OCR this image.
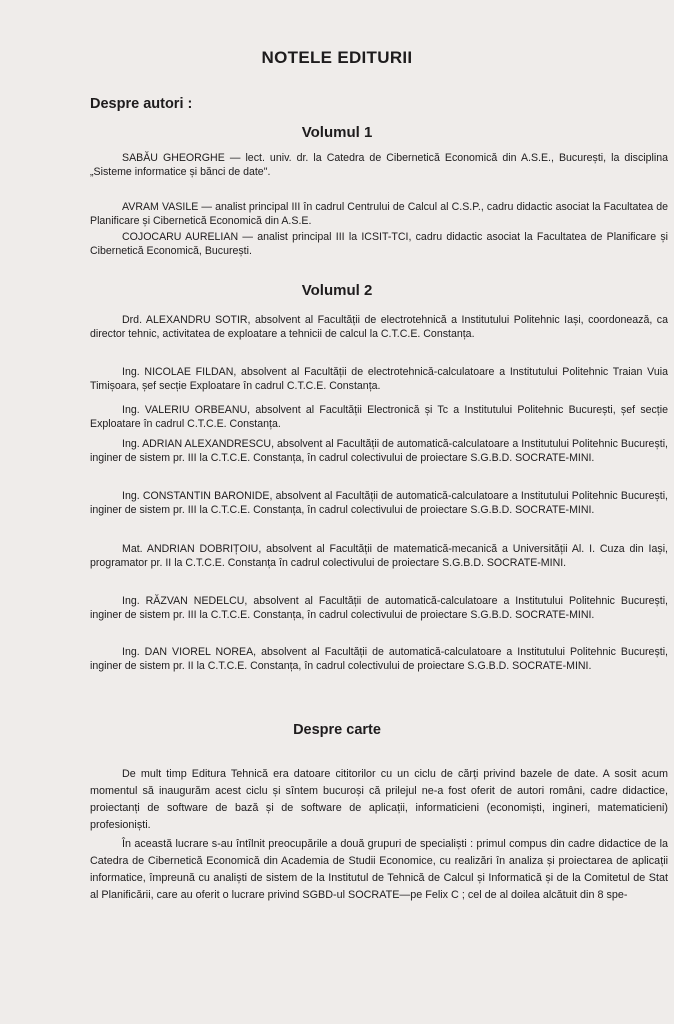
NOTELE EDITURII
Despre autori :
Volumul 1

SABĂU GHEORGHE — lect. univ. dr. la Catedra de Cibernetică Economică din A.S.E., București, la disciplina „Sisteme informatice și bănci de date".

AVRAM VASILE — analist principal III în cadrul Centrului de Calcul al C.S.P., cadru didactic asociat la Facultatea de Planificare și Cibernetică Economică din A.S.E.

COJOCARU AURELIAN — analist principal III la ICSIT-TCI, cadru didactic asociat la Facultatea de Planificare și Cibernetică Economică, București.

Volumul 2

Drd. ALEXANDRU SOTIR, absolvent al Facultății de electrotehnică a Institutului Politehnic Iași, coordonează, ca director tehnic, activitatea de exploatare a tehnicii de calcul la C.T.C.E. Constanța.

Ing. NICOLAE FILDAN, absolvent al Facultății de electrotehnică-calculatoare a Institutului Politehnic Traian Vuia Timișoara, șef secție Exploatare în cadrul C.T.C.E. Constanța.

Ing. VALERIU ORBEANU, absolvent al Facultății Electronică și Tc a Institutului Politehnic București, șef secție Exploatare în cadrul C.T.C.E. Constanța.

Ing. ADRIAN ALEXANDRESCU, absolvent al Facultății de automatică-calculatoare a Institutului Politehnic București, inginer de sistem pr. III la C.T.C.E. Constanța, în cadrul colectivului de proiectare S.G.B.D. SOCRATE-MINI.

Ing. CONSTANTIN BARONIDE, absolvent al Facultății de automatică-calculatoare a Institutului Politehnic București, inginer de sistem pr. III la C.T.C.E. Constanța, în cadrul colectivului de proiectare S.G.B.D. SOCRATE-MINI.

Mat. ANDRIAN DOBRIȚOIU, absolvent al Facultății de matematică-mecanică a Universității Al. I. Cuza din Iași, programator pr. II la C.T.C.E. Constanța în cadrul colectivului de proiectare S.G.B.D. SOCRATE-MINI.

Ing. RĂZVAN NEDELCU, absolvent al Facultății de automatică-calculatoare a Institutului Politehnic București, inginer de sistem pr. III la C.T.C.E. Constanța, în cadrul colectivului de proiectare S.G.B.D. SOCRATE-MINI.

Ing. DAN VIOREL NOREA, absolvent al Facultății de automatică-calculatoare a Institutului Politehnic București, inginer de sistem pr. II la C.T.C.E. Constanța, în cadrul colectivului de proiectare S.G.B.D. SOCRATE-MINI.

Despre carte

De mult timp Editura Tehnică era datoare cititorilor cu un ciclu de cărți privind bazele de date. A sosit acum momentul să inaugurăm acest ciclu și sîntem bucuroși că prilejul ne-a fost oferit de autori români, cadre didactice, proiectanți de software de bază și de software de aplicații, informaticieni (economiști, ingineri, matematicieni) profesioniști.

În această lucrare s-au întîlnit preocupările a două grupuri de specialiști : primul compus din cadre didactice de la Catedra de Cibernetică Economică din Academia de Studii Economice, cu realizări în analiza și proiectarea de aplicații informatice, împreună cu analiști de sistem de la Institutul de Tehnică de Calcul și Informatică și de la Comitetul de Stat al Planificării, care au oferit o lucrare privind SGBD-ul SOCRATE—pe Felix C ; cel de al doilea alcătuit din 8 spe-
